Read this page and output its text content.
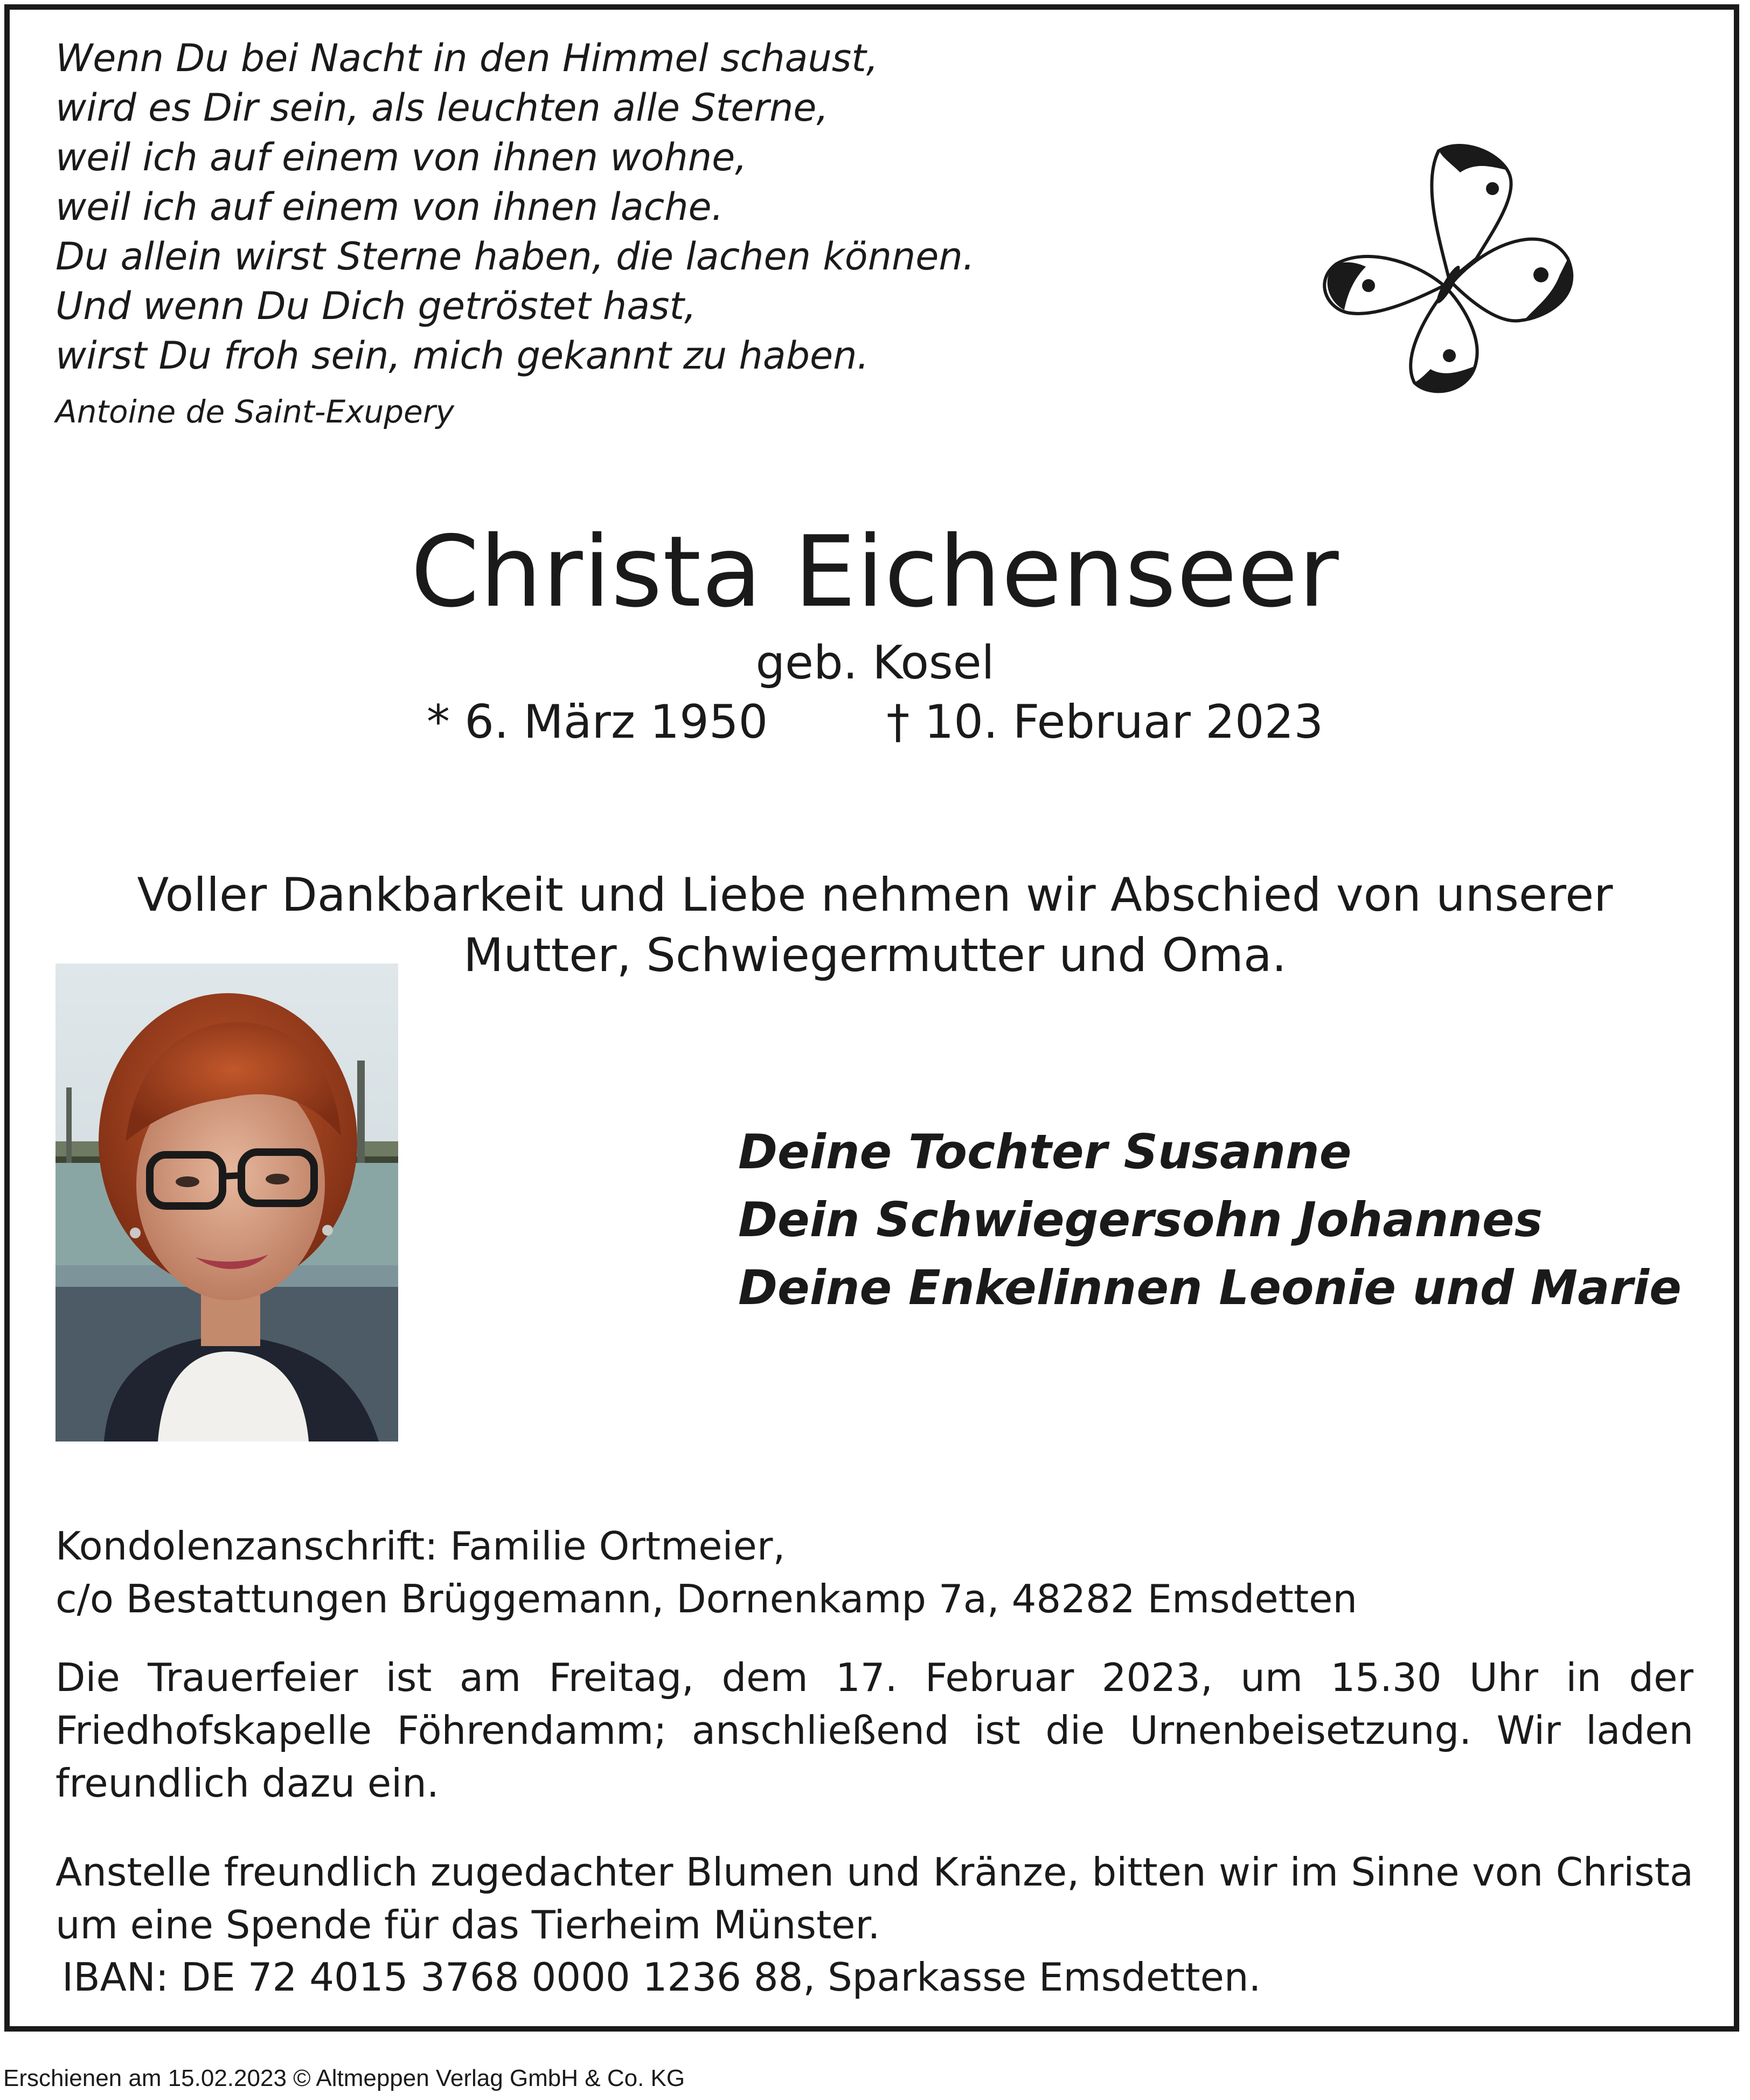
Wenn Du bei Nacht in den Himmel schaust,
wird es Dir sein, als leuchten alle Sterne,
weil ich auf einem von ihnen wohne,
weil ich auf einem von ihnen lache.
Du allein wirst Sterne haben, die lachen können.
Und wenn Du Dich getröstet hast,
wirst Du froh sein, mich gekannt zu haben.
Antoine de Saint-Exupery
Christa Eichenseer
geb. Kosel
* 6. März 1950	† 10. Februar 2023
Voller Dankbarkeit und Liebe nehmen wir Abschied von unserer
Mutter, Schwiegermutter und Oma.
Deine Tochter Susanne
Dein Schwiegersohn Johannes
Deine Enkelinnen Leonie und Marie
Kondolenzanschrift: Familie Ortmeier,
c/o Bestattungen Brüggemann, Dornenkamp 7a, 48282 Emsdetten
Die Trauerfeier ist am Freitag, dem 17. Februar 2023, um 15.30 Uhr in der Friedhofskapelle Föhrendamm; anschließend ist die Urnenbeisetzung. Wir laden freundlich dazu ein.
Anstelle freundlich zugedachter Blumen und Kränze, bitten wir im Sinne von Christa um eine Spende für das Tierheim Münster.
IBAN: DE 72 4015 3768 0000 1236 88, Sparkasse Emsdetten.
Erschienen am 15.02.2023 © Altmeppen Verlag GmbH & Co. KG
